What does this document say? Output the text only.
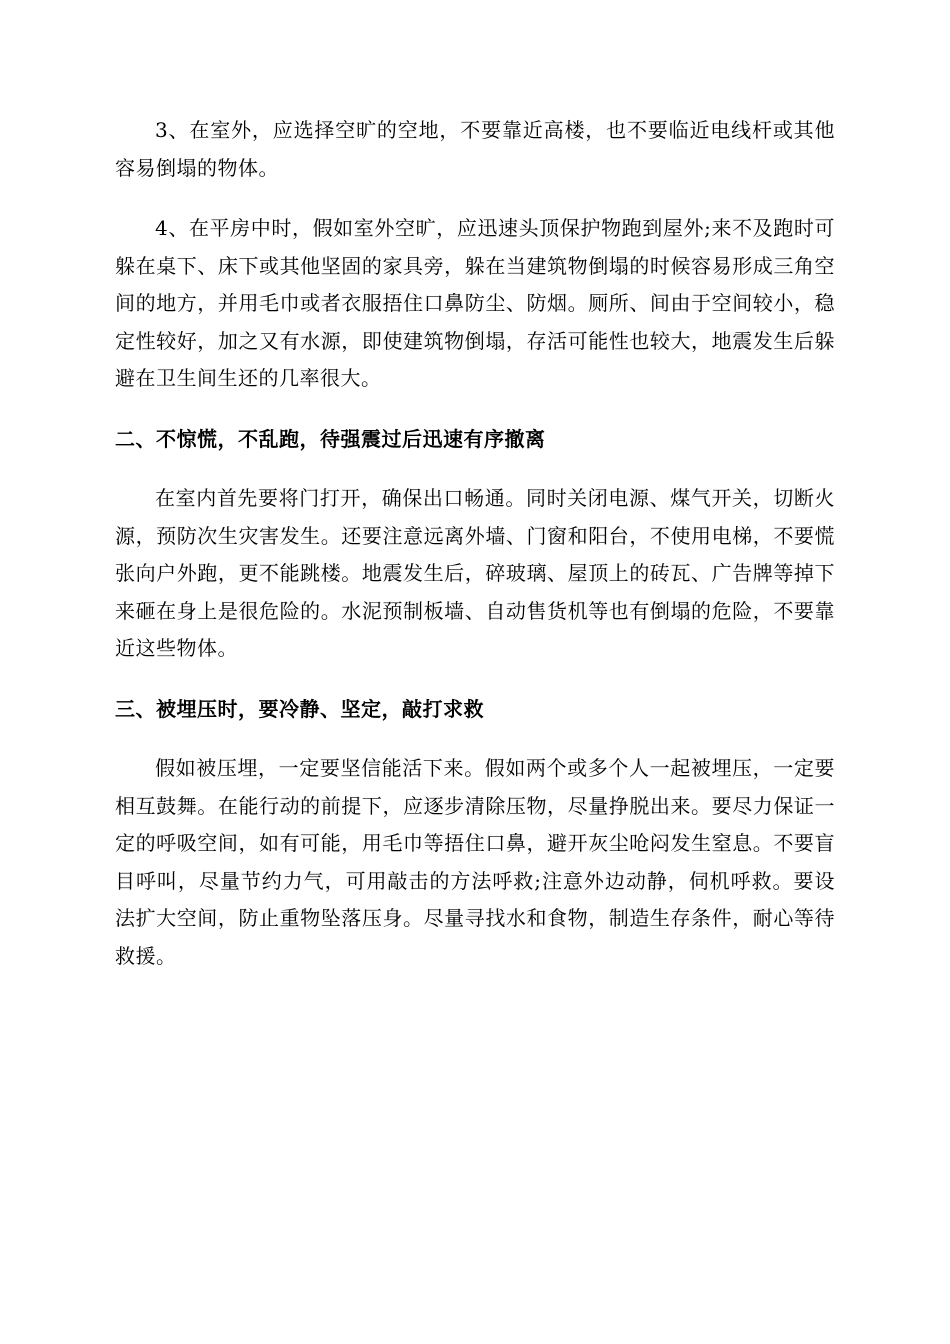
3、在室外，应选择空旷的空地，不要靠近高楼，也不要临近电线杆或其他容易倒塌的物体。

4、在平房中时，假如室外空旷，应迅速头顶保护物跑到屋外;来不及跑时可躲在桌下、床下或其他坚固的家具旁，躲在当建筑物倒塌的时候容易形成三角空间的地方，并用毛巾或者衣服捂住口鼻防尘、防烟。厕所、间由于空间较小，稳定性较好，加之又有水源，即使建筑物倒塌，存活可能性也较大，地震发生后躲避在卫生间生还的几率很大。

二、不惊慌，不乱跑，待强震过后迅速有序撤离

在室内首先要将门打开，确保出口畅通。同时关闭电源、煤气开关，切断火源，预防次生灾害发生。还要注意远离外墙、门窗和阳台，不使用电梯，不要慌张向户外跑，更不能跳楼。地震发生后，碎玻璃、屋顶上的砖瓦、广告牌等掉下来砸在身上是很危险的。水泥预制板墙、自动售货机等也有倒塌的危险，不要靠近这些物体。

三、被埋压时，要冷静、坚定，敲打求救

假如被压埋，一定要坚信能活下来。假如两个或多个人一起被埋压，一定要相互鼓舞。在能行动的前提下，应逐步清除压物，尽量挣脱出来。要尽力保证一定的呼吸空间，如有可能，用毛巾等捂住口鼻，避开灰尘呛闷发生窒息。不要盲目呼叫，尽量节约力气，可用敲击的方法呼救;注意外边动静，伺机呼救。要设法扩大空间，防止重物坠落压身。尽量寻找水和食物，制造生存条件，耐心等待救援。
